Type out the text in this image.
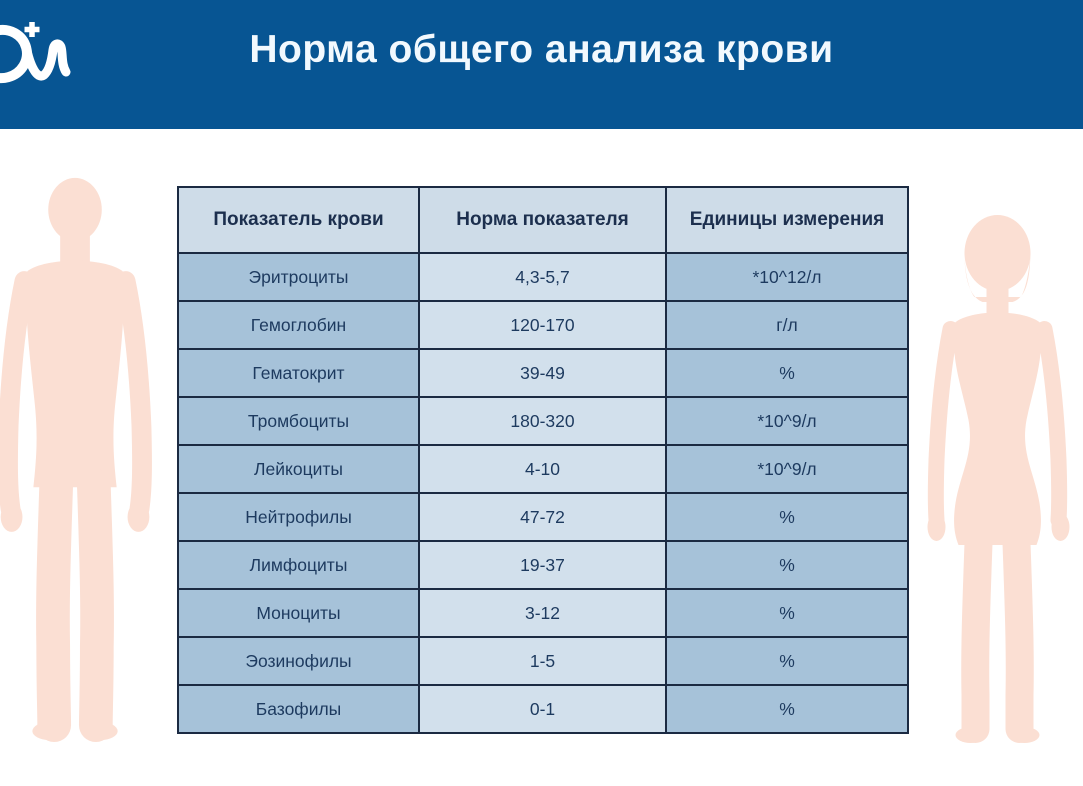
Норма общего анализа крови
Показатель крови	Норма показателя	Единицы измерения
Эритроциты	4,3-5,7	*10^12/л
Гемоглобин	120-170	г/л
Гематокрит	39-49	%
Тромбоциты	180-320	*10^9/л
Лейкоциты	4-10	*10^9/л
Нейтрофилы	47-72	%
Лимфоциты	19-37	%
Моноциты	3-12	%
Эозинофилы	1-5	%
Базофилы	0-1	%
